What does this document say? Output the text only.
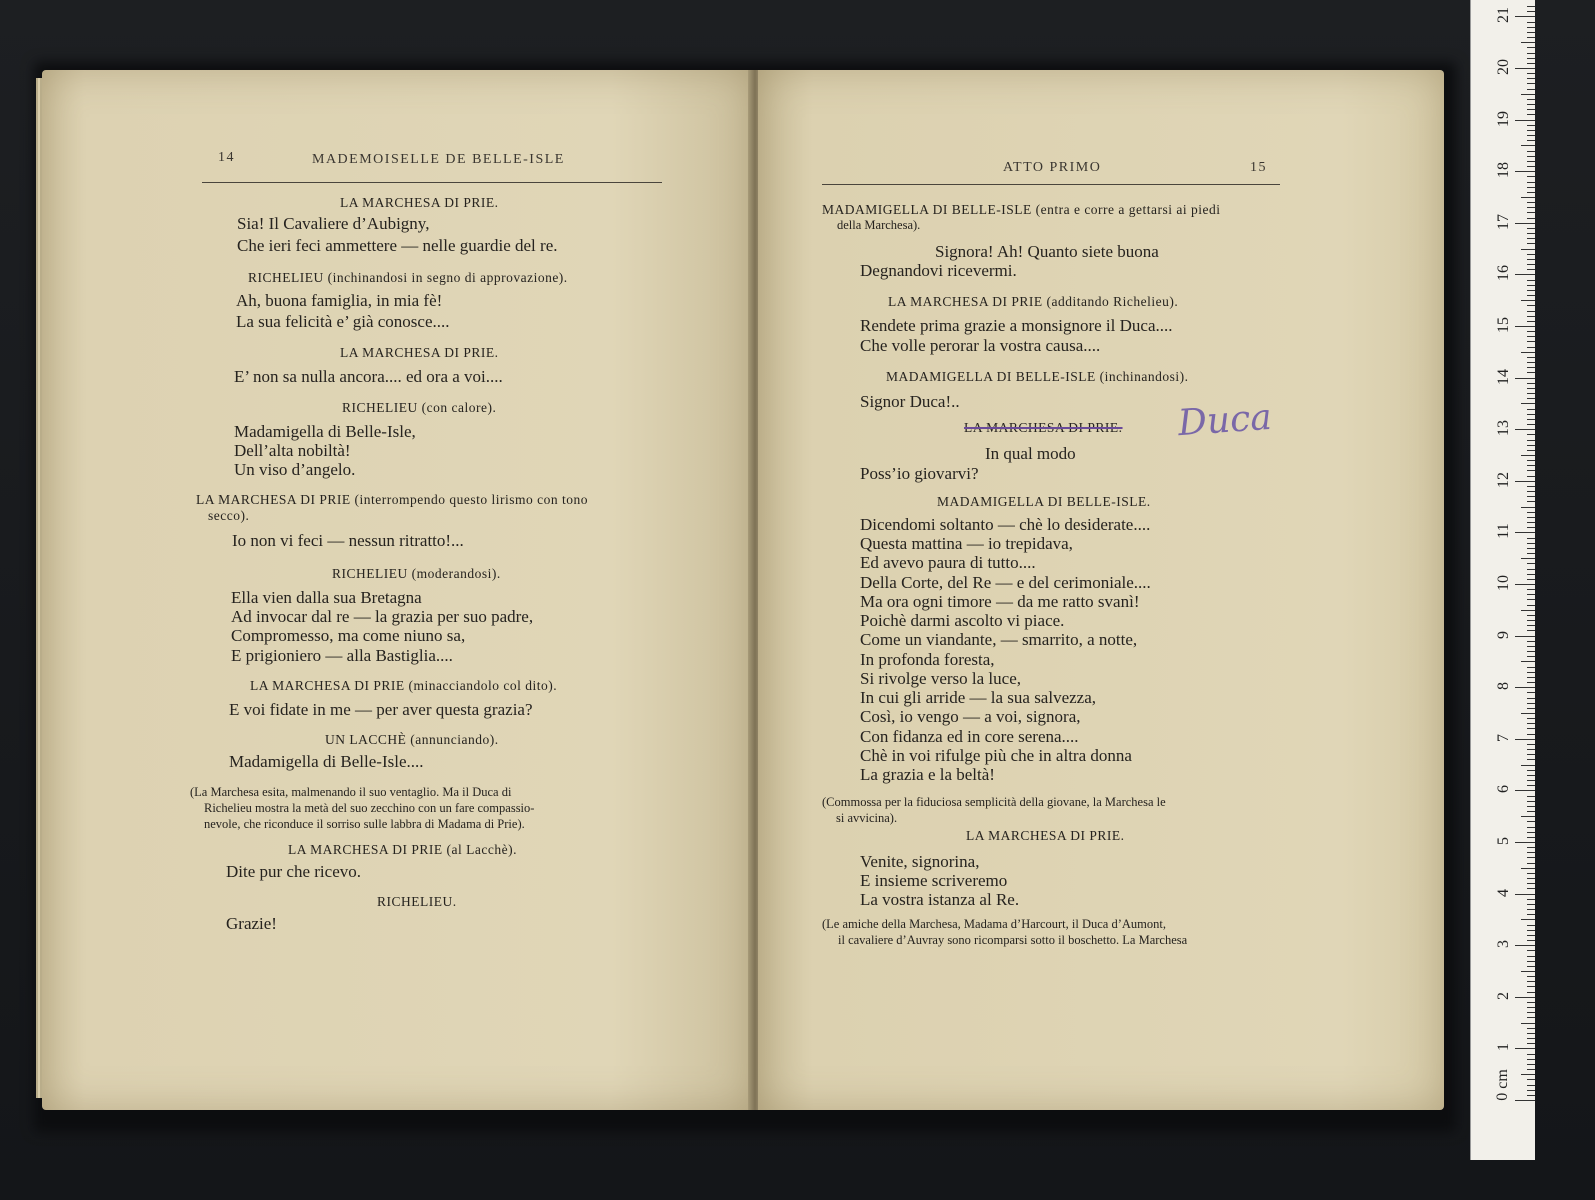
14	MADEMOISELLE DE BELLE-ISLE
LA MARCHESA DI PRIE.
Sia! Il Cavaliere d’Aubigny,
Che ieri feci ammettere — nelle guardie del re.
RICHELIEU (inchinandosi in segno di approvazione).
Ah, buona famiglia, in mia fè!
La sua felicità e’ già conosce....
LA MARCHESA DI PRIE.
E’ non sa nulla ancora.... ed ora a voi....
RICHELIEU (con calore).
Madamigella di Belle-Isle,
Dell’alta nobiltà!
Un viso d’angelo.
LA MARCHESA DI PRIE (interrompendo questo lirismo con tono
secco).
Io non vi feci — nessun ritratto!...
RICHELIEU (moderandosi).
Ella vien dalla sua Bretagna
Ad invocar dal re — la grazia per suo padre,
Compromesso, ma come niuno sa,
E prigioniero — alla Bastiglia....
LA MARCHESA DI PRIE (minacciandolo col dito).
E voi fidate in me — per aver questa grazia?
UN LACCHÈ (annunciando).
Madamigella di Belle-Isle....
(La Marchesa esita, malmenando il suo ventaglio. Ma il Duca di
Richelieu mostra la metà del suo zecchino con un fare compassio-
nevole, che riconduce il sorriso sulle labbra di Madama di Prie).
LA MARCHESA DI PRIE (al Lacchè).
Dite pur che ricevo.
RICHELIEU.
Grazie!
ATTO PRIMO	15
MADAMIGELLA DI BELLE-ISLE (entra e corre a gettarsi ai piedi
della Marchesa).
Signora! Ah! Quanto siete buona
Degnandovi ricevermi.
LA MARCHESA DI PRIE (additando Richelieu).
Rendete prima grazie a monsignore il Duca....
Che volle perorar la vostra causa....
MADAMIGELLA DI BELLE-ISLE (inchinandosi).
Signor Duca!..
LA MARCHESA DI PRIE. Duca
In qual modo
Poss’io giovarvi?
MADAMIGELLA DI BELLE-ISLE.
Dicendomi soltanto — chè lo desiderate....
Questa mattina — io trepidava,
Ed avevo paura di tutto....
Della Corte, del Re — e del cerimoniale....
Ma ora ogni timore — da me ratto svanì!
Poichè darmi ascolto vi piace.
Come un viandante, — smarrito, a notte,
In profonda foresta,
Si rivolge verso la luce,
In cui gli arride — la sua salvezza,
Così, io vengo — a voi, signora,
Con fidanza ed in core serena....
Chè in voi rifulge più che in altra donna
La grazia e la beltà!
(Commossa per la fiduciosa semplicità della giovane, la Marchesa le
si avvicina).
LA MARCHESA DI PRIE.
Venite, signorina,
E insieme scriveremo
La vostra istanza al Re.
(Le amiche della Marchesa, Madama d’Harcourt, il Duca d’Aumont,
il cavaliere d’Auvray sono ricomparsi sotto il boschetto. La Marchesa
0 cm
1
2
3
4
5
6
7
8
9
10
11
12
13
14
15
16
17
18
19
20
21
